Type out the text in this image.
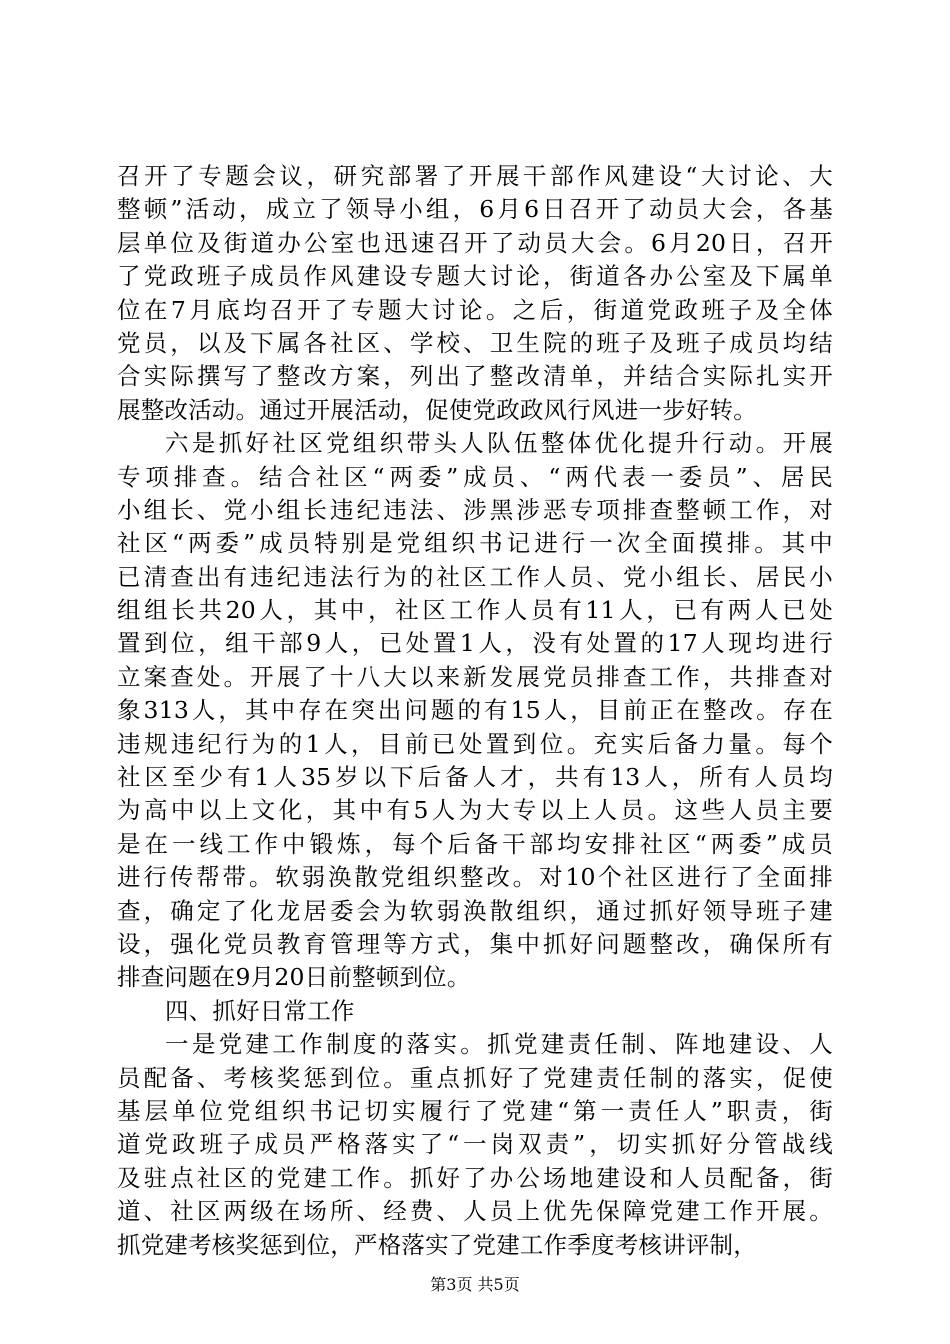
召开了专题会议，研究部署了开展干部作风建设“大讨论、大
整顿”活动，成立了领导小组，6月6日召开了动员大会，各基
层单位及街道办公室也迅速召开了动员大会。6月20日，召开
了党政班子成员作风建设专题大讨论，街道各办公室及下属单
位在7月底均召开了专题大讨论。之后，街道党政班子及全体
党员，以及下属各社区、学校、卫生院的班子及班子成员均结
合实际撰写了整改方案，列出了整改清单，并结合实际扎实开
展整改活动。通过开展活动，促使党政政风行风进一步好转。
六是抓好社区党组织带头人队伍整体优化提升行动。开展
专项排查。结合社区“两委”成员、“两代表一委员”、居民
小组长、党小组长违纪违法、涉黑涉恶专项排查整顿工作，对
社区“两委”成员特别是党组织书记进行一次全面摸排。其中
已清查出有违纪违法行为的社区工作人员、党小组长、居民小
组组长共20人，其中，社区工作人员有11人，已有两人已处
置到位，组干部9人，已处置1人，没有处置的17人现均进行
立案查处。开展了十八大以来新发展党员排查工作，共排查对
象313人，其中存在突出问题的有15人，目前正在整改。存在
违规违纪行为的1人，目前已处置到位。充实后备力量。每个
社区至少有1人35岁以下后备人才，共有13人，所有人员均
为高中以上文化，其中有5人为大专以上人员。这些人员主要
是在一线工作中锻炼，每个后备干部均安排社区“两委”成员
进行传帮带。软弱涣散党组织整改。对10个社区进行了全面排
查，确定了化龙居委会为软弱涣散组织，通过抓好领导班子建
设，强化党员教育管理等方式，集中抓好问题整改，确保所有
排查问题在9月20日前整顿到位。
四、抓好日常工作
一是党建工作制度的落实。抓党建责任制、阵地建设、人
员配备、考核奖惩到位。重点抓好了党建责任制的落实，促使
基层单位党组织书记切实履行了党建“第一责任人”职责，街
道党政班子成员严格落实了“一岗双责”，切实抓好分管战线
及驻点社区的党建工作。抓好了办公场地建设和人员配备，街
道、社区两级在场所、经费、人员上优先保障党建工作开展。
抓党建考核奖惩到位，严格落实了党建工作季度考核讲评制，
第3页 共5页
